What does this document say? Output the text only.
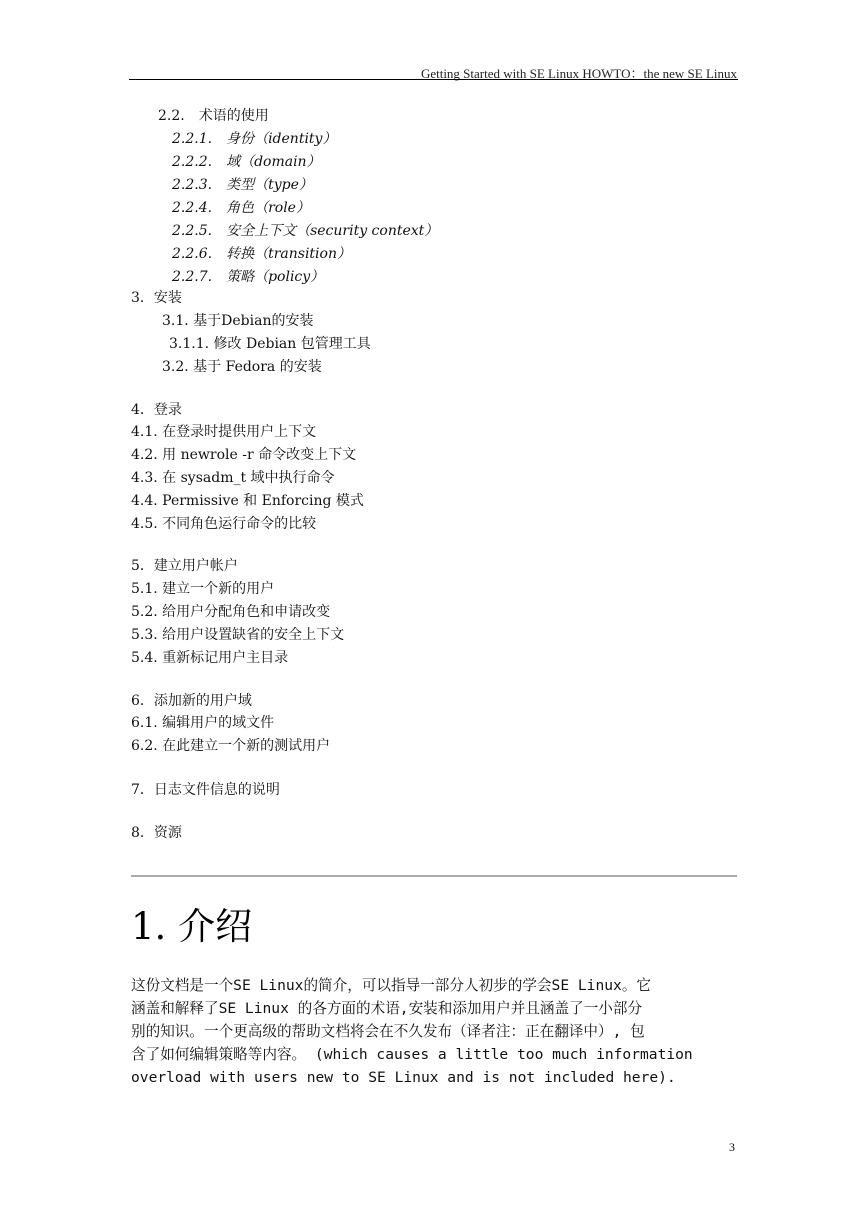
Getting Started with SE Linux HOWTO：the new SE Linux
2.2.　术语的使用
2.2.1.　身份（identity）
2.2.2.　域（domain）
2.2.3.　类型（type）
2.2.4.　角色（role）
2.2.5.　安全上下文（security context）
2.2.6.　转换（transition）
2.2.7.　策略（policy）
3．安装
3.1. 基于Debian的安装
3.1.1. 修改 Debian 包管理工具
3.2. 基于 Fedora 的安装
4．登录
4.1. 在登录时提供用户上下文
4.2. 用 newrole -r 命令改变上下文
4.3. 在 sysadm_t 域中执行命令
4.4. Permissive 和 Enforcing 模式
4.5. 不同角色运行命令的比较
5．建立用户帐户
5.1. 建立一个新的用户
5.2. 给用户分配角色和申请改变
5.3. 给用户设置缺省的安全上下文
5.4. 重新标记用户主目录
6．添加新的用户域
6.1. 编辑用户的域文件
6.2. 在此建立一个新的测试用户
7．日志文件信息的说明
8．资源
1. 介绍
这份文档是一个SE Linux的简介，可以指导一部分人初步的学会SE Linux。它
涵盖和解释了SE Linux 的各方面的术语,安装和添加用户并且涵盖了一小部分
别的知识。一个更高级的帮助文档将会在不久发布（译者注：正在翻译中）, 包
含了如何编辑策略等内容。 (which causes a little too much information
overload with users new to SE Linux and is not included here).
3
